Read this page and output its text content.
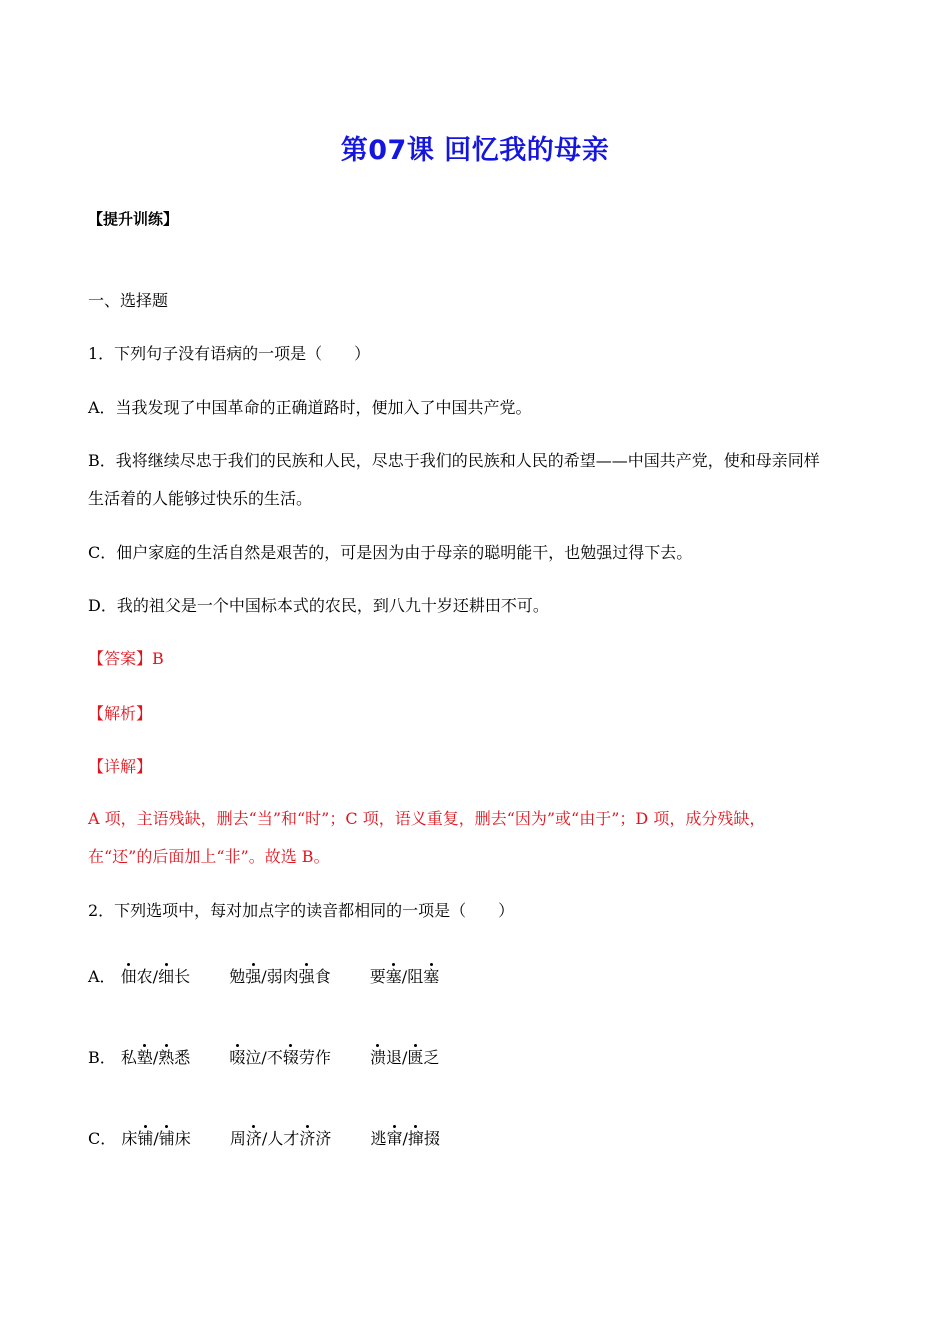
第07课 回忆我的母亲
【提升训练】
一、选择题
1．下列句子没有语病的一项是（　　）
A．当我发现了中国革命的正确道路时，便加入了中国共产党。
B．我将继续尽忠于我们的民族和人民，尽忠于我们的民族和人民的希望——中国共产党，使和母亲同样
生活着的人能够过快乐的生活。
C．佃户家庭的生活自然是艰苦的，可是因为由于母亲的聪明能干，也勉强过得下去。
D．我的祖父是一个中国标本式的农民，到八九十岁还耕田不可。
【答案】B
【解析】
【详解】
A 项，主语残缺，删去“当”和“时”；C 项，语义重复，删去“因为”或“由于”；D 项，成分残缺，
在“还”的后面加上“非”。故选 B。
2．下列选项中，每对加点字的读音都相同的一项是（　　）
A． 佃农/细长 勉强/弱肉强食 要塞/阻塞
B． 私塾/熟悉 啜泣/不辍劳作 溃退/匮乏
C． 床铺/铺床 周济/人才济济 逃窜/撺掇
